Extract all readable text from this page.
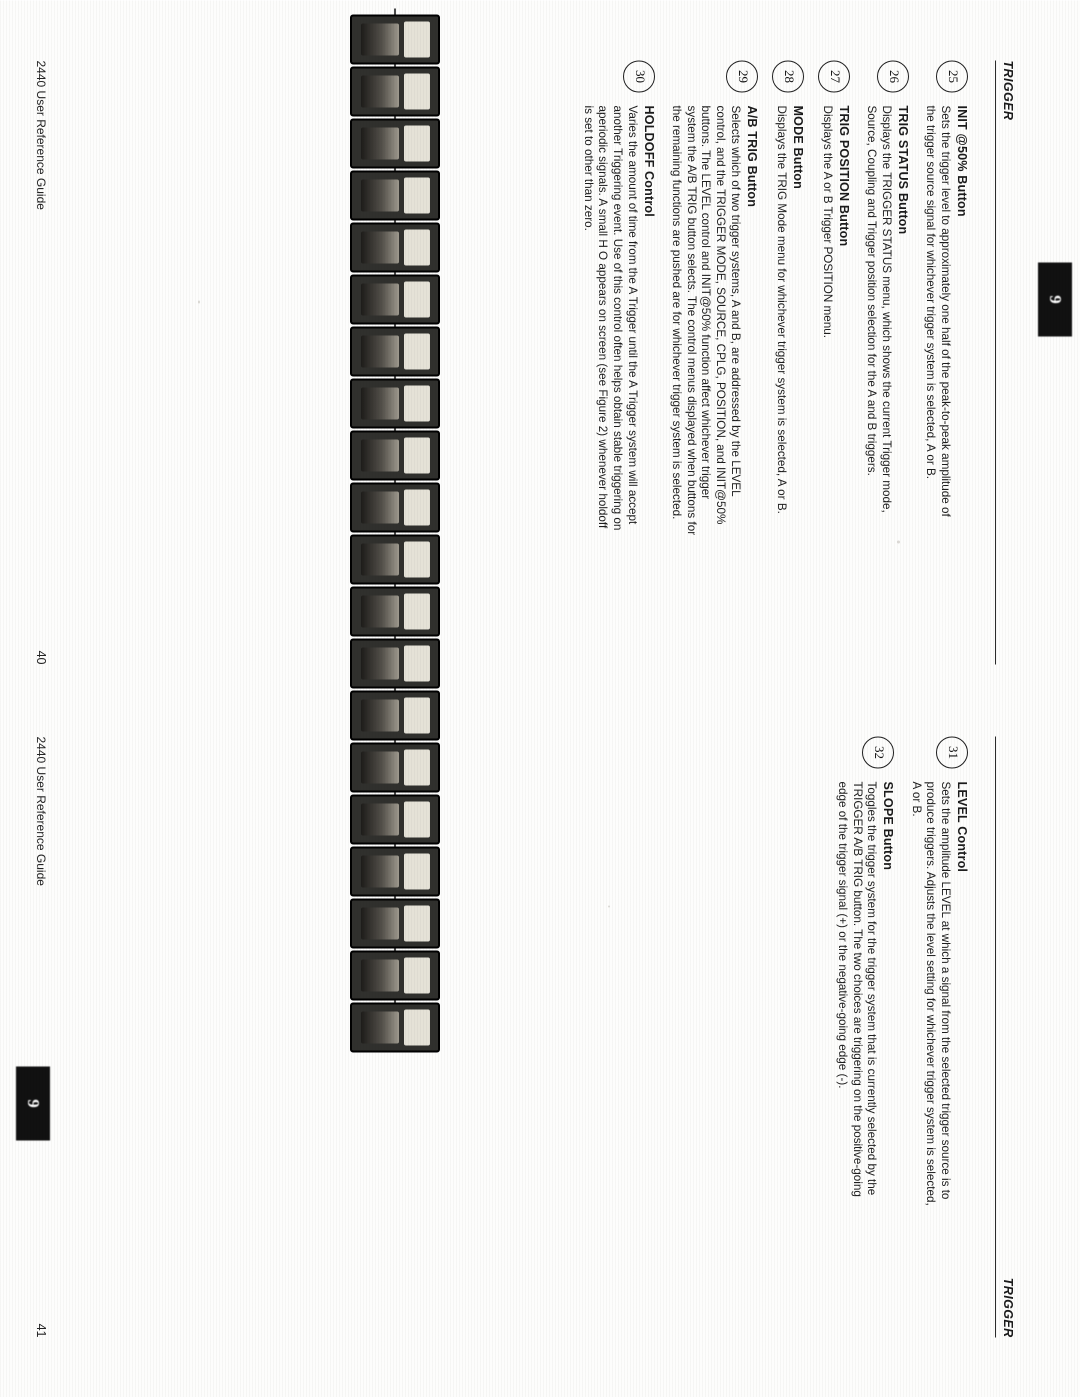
TRIGGER
25
INIT @50% Button
Sets the trigger level to approximately one half of the peak-to-peak amplitude of the trigger source signal for whichever trigger system is selected, A or B.
26
TRIG STATUS Button
Displays the TRIGGER STATUS menu, which shows the current Trigger mode, Source, Coupling and Trigger position selection for the A and B triggers.
27
TRIG POSITION Button
Displays the A or B Trigger POSITION menu.
28
MODE Button
Displays the TRIG Mode menu for whichever trigger system is selected, A or B.
29
A/B TRIG Button
Selects which of two trigger systems, A and B, are addressed by the LEVEL control, and the TRIGGER MODE, SOURCE, CPLG, POSITION, and INIT@50% buttons. The LEVEL control and INIT@50% function affect whichever trigger system the A/B TRIG button selects. The control menus displayed when buttons for the remaining functions are pushed are for whichever trigger system is selected.
30
HOLDOFF Control
Varies the amount of time from the A Trigger until the A Trigger system will accept another Triggering event. Use of this control often helps obtain stable triggering on aperiodic signals. A small H O appears on screen (see Figure 2) whenever holdoff is set to other than zero.
2440 User Reference Guide
40
TRIGGER
31
LEVEL Control
Sets the amplitude LEVEL at which a signal from the selected trigger source is to produce triggers. Adjusts the level setting for whichever trigger system is selected, A or B.
32
SLOPE Button
Toggles the trigger system for the trigger system that is currently selected by the TRIGGER A/B TRIG button. The two choices are triggering on the positive-going edge of the trigger signal (+) or the negative-going edge (-).
2440 User Reference Guide
41
9
9
